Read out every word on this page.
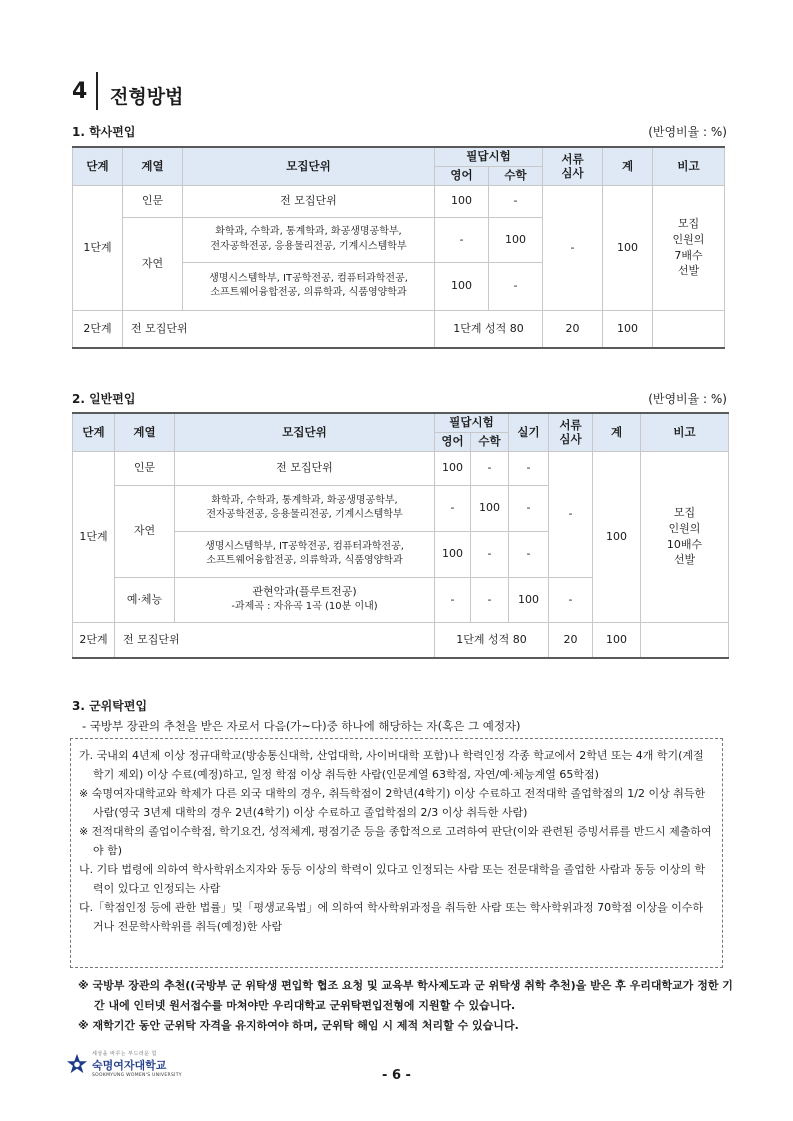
4 전형방법
1. 학사편입	(반영비율 : %)
단계	계열	모집단위	필답시험		서류
심사	계	비고
			영어	수학			
1단계	인문	전 모집단위	100	-	-	100	모집
인원의
7배수
선발
	자연	화학과, 수학과, 통계학과, 화공생명공학부,
전자공학전공, 응용물리전공, 기계시스템학부	-	100			
		생명시스템학부, IT공학전공, 컴퓨터과학전공,
소프트웨어융합전공, 의류학과, 식품영양학과	100	-			
2단계	전 모집단위		1단계 성적 80		20	100	
2. 일반편입	(반영비율 : %)
단계	계열	모집단위	필답시험		실기	서류
심사	계	비고
			영어	수학				
1단계	인문	전 모집단위	100	-	-	-	100	모집
인원의
10배수
선발
	자연	화학과, 수학과, 통계학과, 화공생명공학부,
전자공학전공, 응용물리전공, 기계시스템학부	-	100	-			
		생명시스템학부, IT공학전공, 컴퓨터과학전공,
소프트웨어융합전공, 의류학과, 식품영양학과	100	-	-			
	예·체능	관현악과(플루트전공)
-과제곡 : 자유곡 1곡 (10분 이내)	-	-	100	-		
2단계	전 모집단위		1단계 성적 80			20	100	
3. 군위탁편입
- 국방부 장관의 추천을 받은 자로서 다음(가~다)중 하나에 해당하는 자(혹은 그 예정자)

가. 국내외 4년제 이상 정규대학교(방송통신대학, 산업대학, 사이버대학 포함)나 학력인정 각종 학교에서 2학년 또는 4개 학기(계절학기 제외) 이상 수료(예정)하고, 일정 학점 이상 취득한 사람(인문계열 63학점, 자연/예·체능계열 65학점)

※ 숙명여자대학교와 학제가 다른 외국 대학의 경우, 취득학점이 2학년(4학기) 이상 수료하고 전적대학 졸업학점의 1/2 이상 취득한 사람(영국 3년제 대학의 경우 2년(4학기) 이상 수료하고 졸업학점의 2/3 이상 취득한 사람)

※ 전적대학의 졸업이수학점, 학기요건, 성적체계, 평점기준 등을 종합적으로 고려하여 판단(이와 관련된 증빙서류를 반드시 제출하여야 함)

나. 기타 법령에 의하여 학사학위소지자와 동등 이상의 학력이 있다고 인정되는 사람 또는 전문대학을 졸업한 사람과 동등 이상의 학력이 있다고 인정되는 사람

다.「학점인정 등에 관한 법률」및「평생교육법」에 의하여 학사학위과정을 취득한 사람 또는 학사학위과정 70학점 이상을 이수하거나 전문학사학위를 취득(예정)한 사람

※ 국방부 장관의 추천((국방부 군 위탁생 편입학 협조 요청 및 교육부 학사제도과 군 위탁생 취학 추천)을 받은 후 우리대학교가 정한 기간 내에 인터넷 원서접수를 마쳐야만 우리대학교 군위탁편입전형에 지원할 수 있습니다.

※ 재학기간 동안 군위탁 자격을 유지하여야 하며, 군위탁 해임 시 제적 처리할 수 있습니다.

세상을 바꾸는 부드러운 힘
숙명여자대학교
SOOKMYUNG WOMEN'S UNIVERSITY	- 6 -
